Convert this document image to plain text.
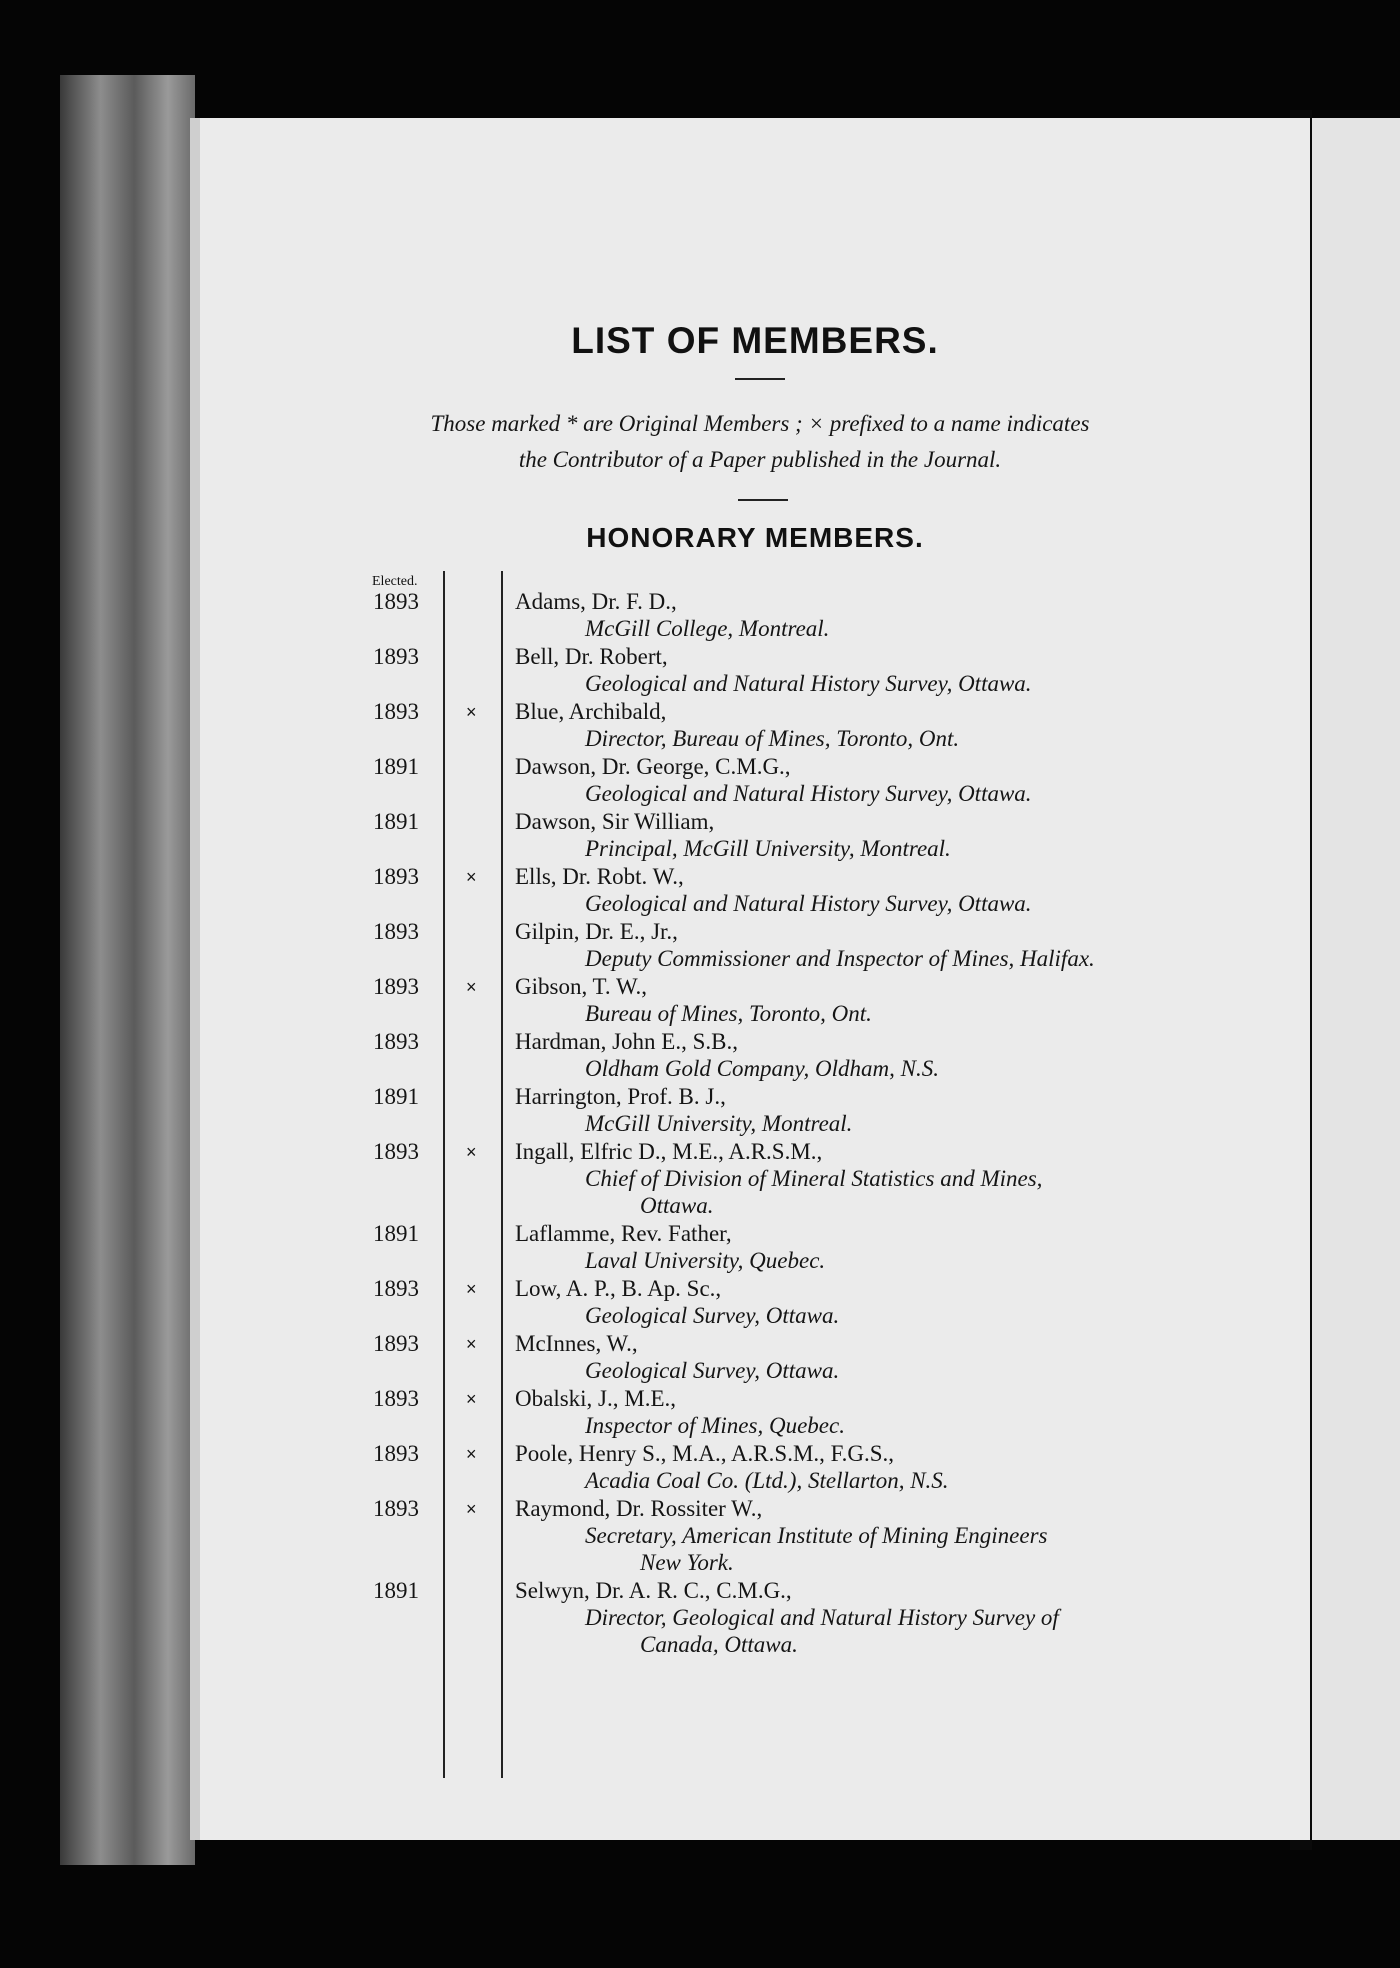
LIST OF MEMBERS.
Those marked * are Original Members ; × prefixed to a name indicates
the Contributor of a Paper published in the Journal.
HONORARY MEMBERS.
Elected.
1893	Adams, Dr. F. D.,
McGill College, Montreal.
1893	Bell, Dr. Robert,
Geological and Natural History Survey, Ottawa.
1893	× Blue, Archibald,
Director, Bureau of Mines, Toronto, Ont.
1891	Dawson, Dr. George, C.M.G.,
Geological and Natural History Survey, Ottawa.
1891	Dawson, Sir William,
Principal, McGill University, Montreal.
1893	× Ells, Dr. Robt. W.,
Geological and Natural History Survey, Ottawa.
1893	Gilpin, Dr. E., Jr.,
Deputy Commissioner and Inspector of Mines, Halifax.
1893	× Gibson, T. W.,
Bureau of Mines, Toronto, Ont.
1893	Hardman, John E., S.B.,
Oldham Gold Company, Oldham, N.S.
1891	Harrington, Prof. B. J.,
McGill University, Montreal.
1893	× Ingall, Elfric D., M.E., A.R.S.M.,
Chief of Division of Mineral Statistics and Mines,
Ottawa.
1891	Laflamme, Rev. Father,
Laval University, Quebec.
1893	× Low, A. P., B. Ap. Sc.,
Geological Survey, Ottawa.
1893	× McInnes, W.,
Geological Survey, Ottawa.
1893	× Obalski, J., M.E.,
Inspector of Mines, Quebec.
1893	× Poole, Henry S., M.A., A.R.S.M., F.G.S.,
Acadia Coal Co. (Ltd.), Stellarton, N.S.
1893	× Raymond, Dr. Rossiter W.,
Secretary, American Institute of Mining Engineers
New York.
1891	Selwyn, Dr. A. R. C., C.M.G.,
Director, Geological and Natural History Survey of
Canada, Ottawa.
